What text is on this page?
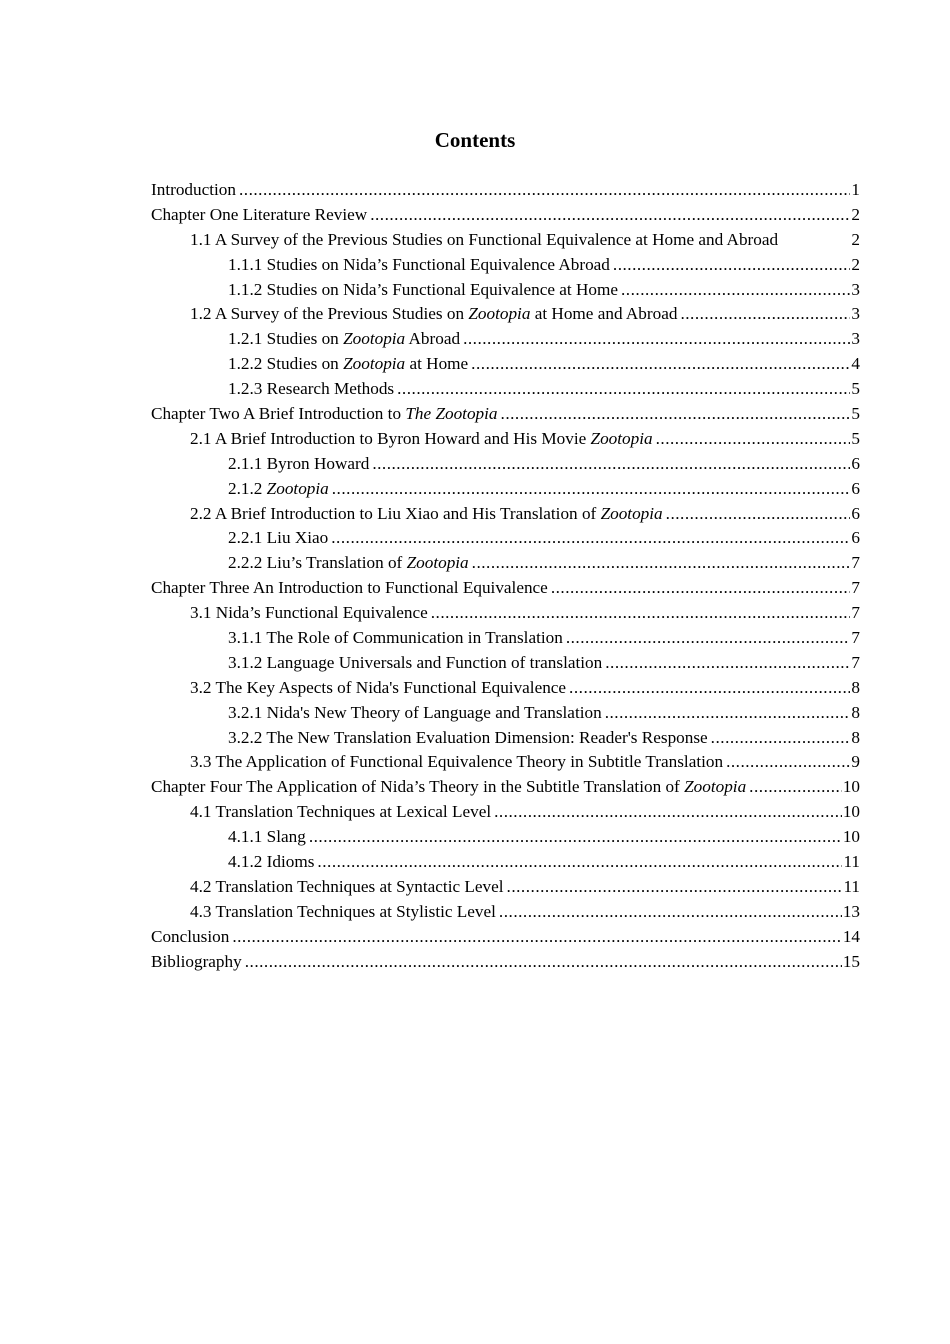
Contents
Introduction .....	1
Chapter One Literature Review .....	2
1.1 A Survey of the Previous Studies on Functional Equivalence at Home and Abroad	2
1.1.1 Studies on Nida’s Functional Equivalence Abroad .....	2
1.1.2 Studies on Nida’s Functional Equivalence at Home .....	3
1.2 A Survey of the Previous Studies on Zootopia at Home and Abroad .....	3
1.2.1 Studies on Zootopia Abroad .....	3
1.2.2 Studies on Zootopia at Home .....	4
1.2.3 Research Methods .....	5
Chapter Two A Brief Introduction to The Zootopia .....	5
2.1 A Brief Introduction to Byron Howard and His Movie Zootopia .....	5
2.1.1 Byron Howard .....	6
2.1.2 Zootopia .....	6
2.2 A Brief Introduction to Liu Xiao and His Translation of Zootopia .....	6
2.2.1 Liu Xiao .....	6
2.2.2 Liu’s Translation of Zootopia .....	7
Chapter Three An Introduction to Functional Equivalence .....	7
3.1 Nida’s Functional Equivalence .....	7
3.1.1 The Role of Communication in Translation .....	7
3.1.2 Language Universals and Function of translation .....	7
3.2 The Key Aspects of Nida's Functional Equivalence .....	8
3.2.1 Nida's New Theory of Language and Translation .....	8
3.2.2 The New Translation Evaluation Dimension: Reader's Response .....	8
3.3 The Application of Functional Equivalence Theory in Subtitle Translation .....	9
Chapter Four The Application of Nida’s Theory in the Subtitle Translation of Zootopia .....	10
4.1 Translation Techniques at Lexical Level .....	10
4.1.1 Slang .....	10
4.1.2 Idioms .....	11
4.2 Translation Techniques at Syntactic Level .....	11
4.3 Translation Techniques at Stylistic Level .....	13
Conclusion .....	14
Bibliography .....	15
